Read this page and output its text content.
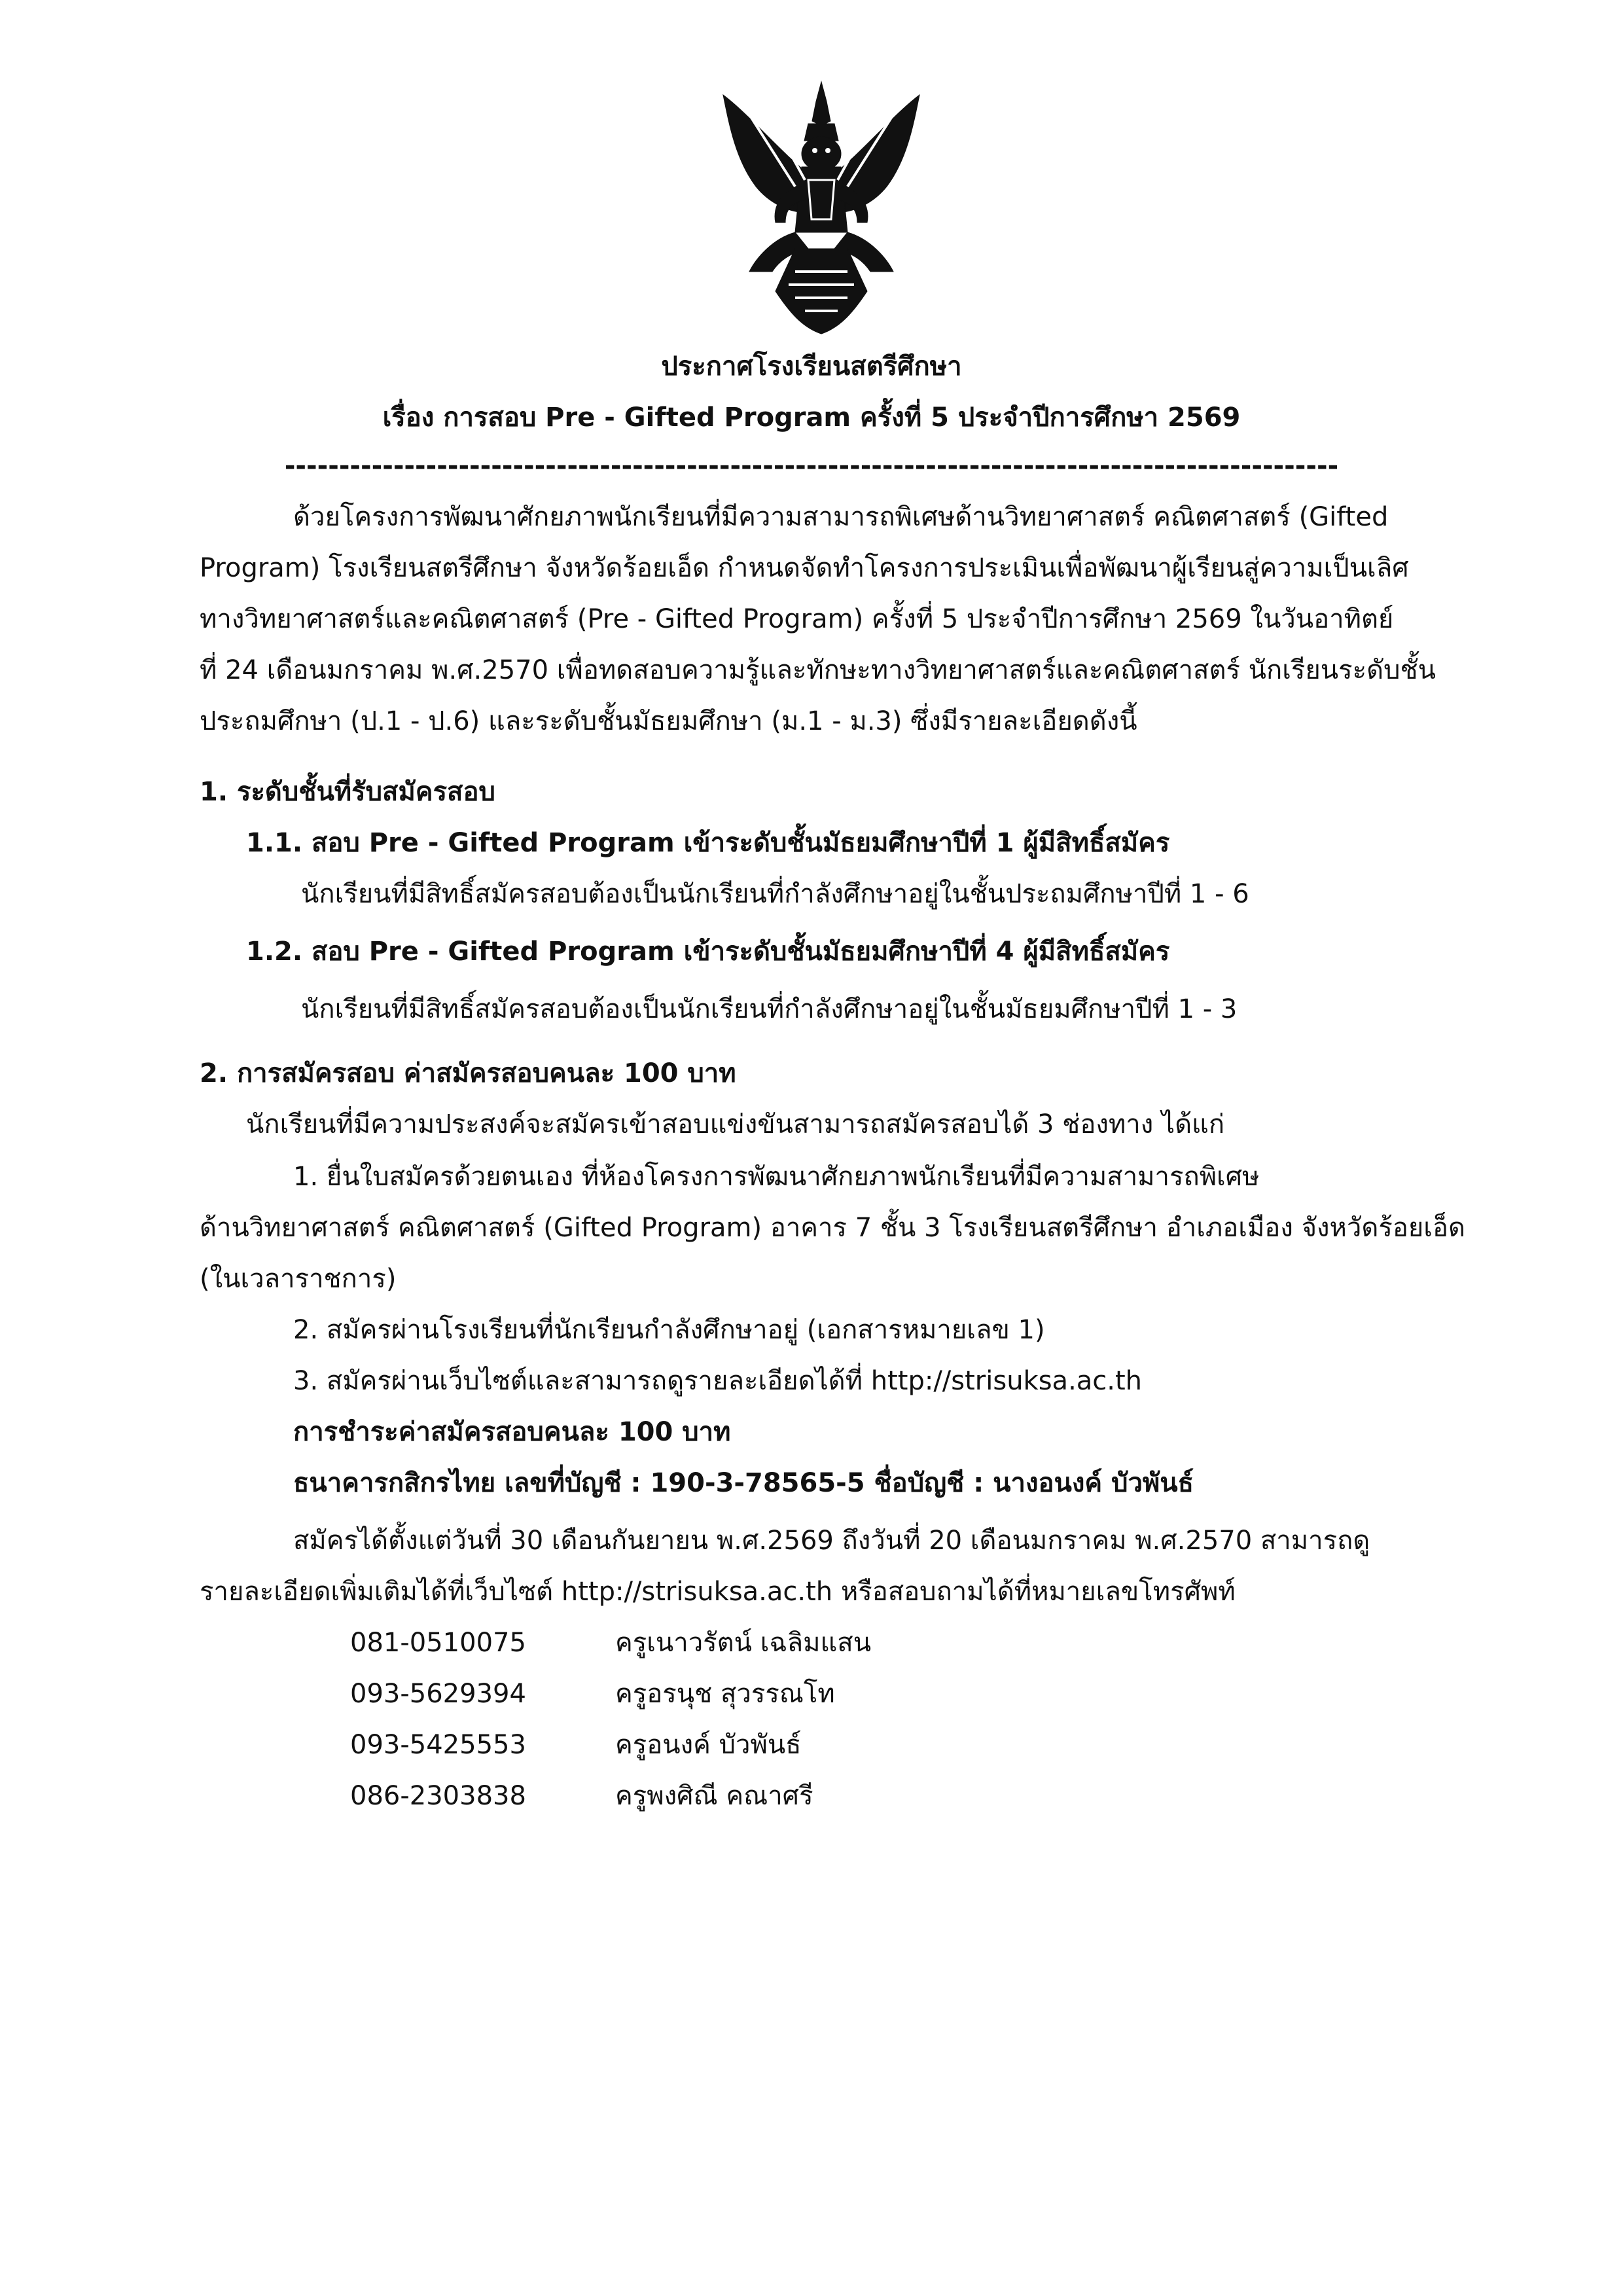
ประกาศโรงเรียนสตรีศึกษา
เรื่อง การสอบ Pre - Gifted Program ครั้งที่ 5 ประจำปีการศึกษา 2569
-------------------------------------------------------------------------------------------------
ด้วยโครงการพัฒนาศักยภาพนักเรียนที่มีความสามารถพิเศษด้านวิทยาศาสตร์ คณิตศาสตร์ (Gifted
Program) โรงเรียนสตรีศึกษา จังหวัดร้อยเอ็ด กำหนดจัดทำโครงการประเมินเพื่อพัฒนาผู้เรียนสู่ความเป็นเลิศ
ทางวิทยาศาสตร์และคณิตศาสตร์ (Pre - Gifted Program) ครั้งที่ 5 ประจำปีการศึกษา 2569 ในวันอาทิตย์
ที่ 24 เดือนมกราคม พ.ศ.2570 เพื่อทดสอบความรู้และทักษะทางวิทยาศาสตร์และคณิตศาสตร์ นักเรียนระดับชั้น
ประถมศึกษา (ป.1 - ป.6) และระดับชั้นมัธยมศึกษา (ม.1 - ม.3) ซึ่งมีรายละเอียดดังนี้
1. ระดับชั้นที่รับสมัครสอบ
1.1. สอบ Pre - Gifted Program เข้าระดับชั้นมัธยมศึกษาปีที่ 1 ผู้มีสิทธิ์สมัคร
นักเรียนที่มีสิทธิ์สมัครสอบต้องเป็นนักเรียนที่กำลังศึกษาอยู่ในชั้นประถมศึกษาปีที่ 1 - 6
1.2. สอบ Pre - Gifted Program เข้าระดับชั้นมัธยมศึกษาปีที่ 4 ผู้มีสิทธิ์สมัคร
นักเรียนที่มีสิทธิ์สมัครสอบต้องเป็นนักเรียนที่กำลังศึกษาอยู่ในชั้นมัธยมศึกษาปีที่ 1 - 3
2. การสมัครสอบ ค่าสมัครสอบคนละ 100 บาท
นักเรียนที่มีความประสงค์จะสมัครเข้าสอบแข่งขันสามารถสมัครสอบได้ 3 ช่องทาง ได้แก่
1. ยื่นใบสมัครด้วยตนเอง ที่ห้องโครงการพัฒนาศักยภาพนักเรียนที่มีความสามารถพิเศษ
ด้านวิทยาศาสตร์ คณิตศาสตร์ (Gifted Program) อาคาร 7 ชั้น 3 โรงเรียนสตรีศึกษา อำเภอเมือง จังหวัดร้อยเอ็ด
(ในเวลาราชการ)
2. สมัครผ่านโรงเรียนที่นักเรียนกำลังศึกษาอยู่ (เอกสารหมายเลข 1)
3. สมัครผ่านเว็บไซต์และสามารถดูรายละเอียดได้ที่ http://strisuksa.ac.th
การชำระค่าสมัครสอบคนละ 100 บาท
ธนาคารกสิกรไทย เลขที่บัญชี : 190-3-78565-5 ชื่อบัญชี : นางอนงค์ บัวพันธ์
สมัครได้ตั้งแต่วันที่ 30 เดือนกันยายน พ.ศ.2569 ถึงวันที่ 20 เดือนมกราคม พ.ศ.2570 สามารถดู
รายละเอียดเพิ่มเติมได้ที่เว็บไซต์ http://strisuksa.ac.th หรือสอบถามได้ที่หมายเลขโทรศัพท์
081-0510075	ครูเนาวรัตน์ เฉลิมแสน
093-5629394	ครูอรนุช สุวรรณโท
093-5425553	ครูอนงค์ บัวพันธ์
086-2303838	ครูพงศิณี คณาศรี
